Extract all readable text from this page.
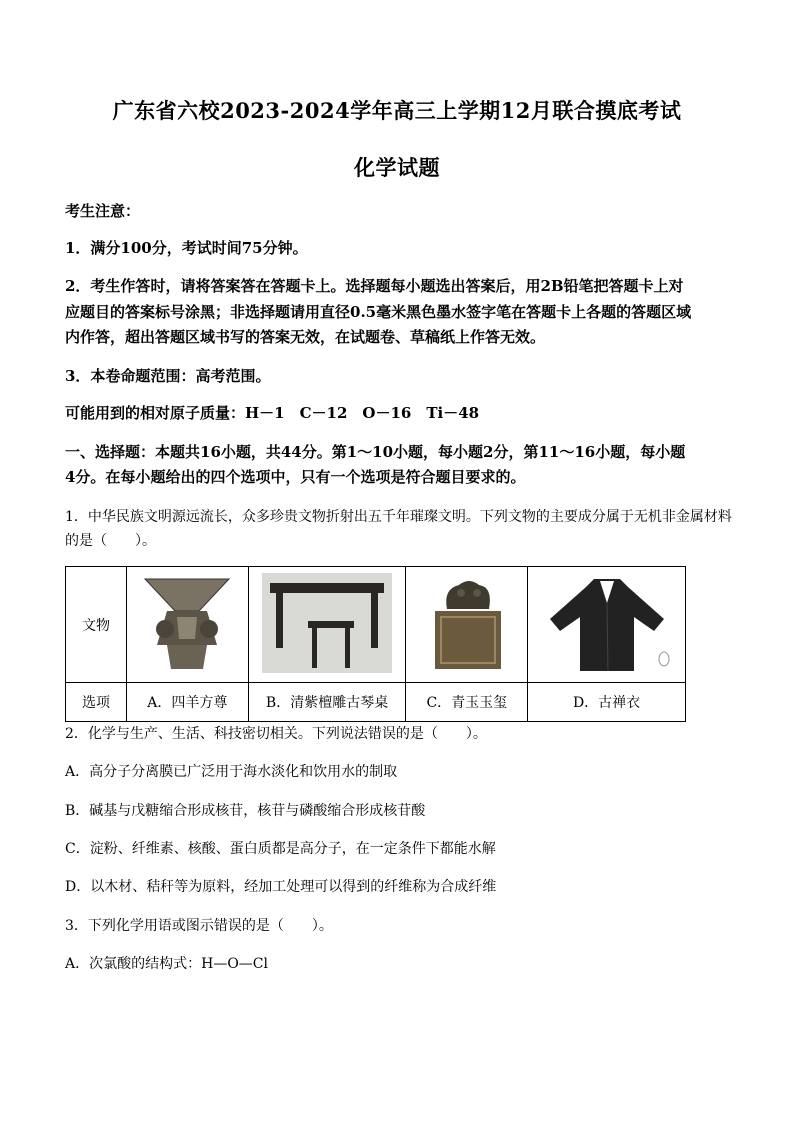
广东省六校2023-2024学年高三上学期12月联合摸底考试
化学试题
考生注意：
1．满分100分，考试时间75分钟。
2．考生作答时，请将答案答在答题卡上。选择题每小题选出答案后，用2B铅笔把答题卡上对
应题目的答案标号涂黑；非选择题请用直径0.5毫米黑色墨水签字笔在答题卡上各题的答题区域
内作答，超出答题区域书写的答案无效，在试题卷、草稿纸上作答无效。
3．本卷命题范围：高考范围。
可能用到的相对原子质量：H－1　C－12　O－16　Ti－48
一、选择题：本题共16小题，共44分。第1～10小题，每小题2分，第11～16小题，每小题
4分。在每小题给出的四个选项中，只有一个选项是符合题目要求的。
1．中华民族文明源远流长，众多珍贵文物折射出五千年璀璨文明。下列文物的主要成分属于无机非金属材料
的是（　　）。
文物				
选项	A．四羊方尊	B．清紫檀雕古琴桌	C．青玉玉玺	D．古禅衣
2．化学与生产、生活、科技密切相关。下列说法错误的是（　　）。
A．高分子分离膜已广泛用于海水淡化和饮用水的制取
B．碱基与戊糖缩合形成核苷，核苷与磷酸缩合形成核苷酸
C．淀粉、纤维素、核酸、蛋白质都是高分子，在一定条件下都能水解
D．以木材、秸秆等为原料，经加工处理可以得到的纤维称为合成纤维
3．下列化学用语或图示错误的是（　　）。
A．次氯酸的结构式：H—O—Cl
